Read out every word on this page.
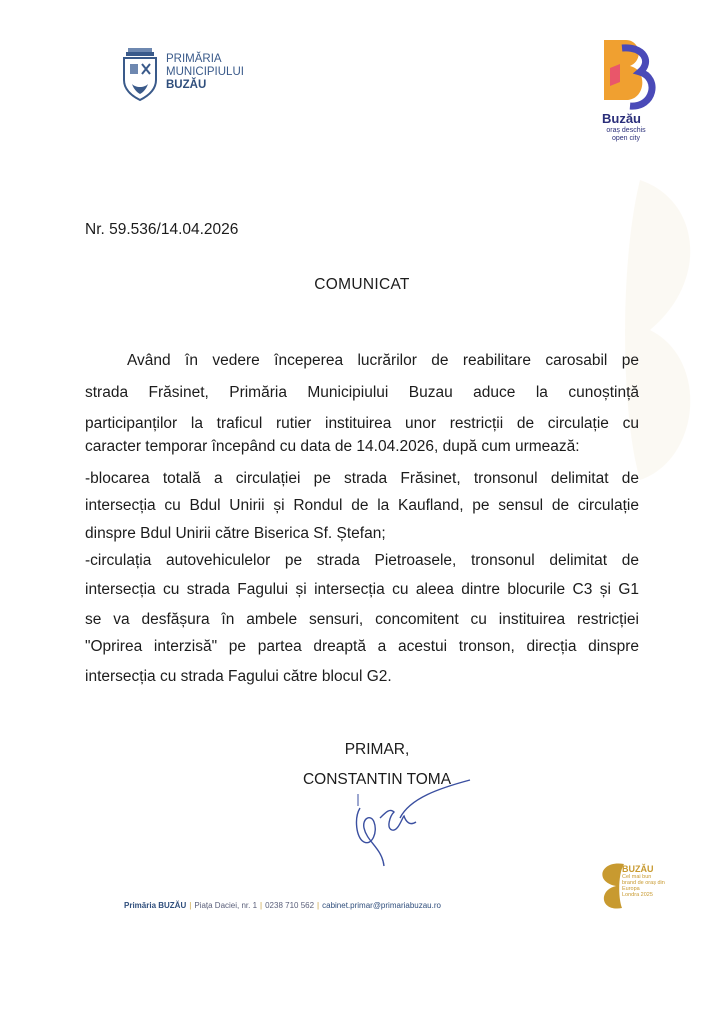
PRIMĂRIA
MUNICIPIULUI
BUZĂU
Buzău
oraș deschis
open city
Nr. 59.536/14.04.2026
COMUNICAT
Având în vedere începerea lucrărilor de reabilitare carosabil pe
strada Frăsinet, Primăria Municipiului Buzau aduce la cunoștință
participanților la traficul rutier instituirea unor restricții de circulație cu
caracter temporar începând cu data de 14.04.2026, după cum urmează:
-blocarea totală a circulației pe strada Frăsinet, tronsonul delimitat de
intersecția cu Bdul Unirii și Rondul de la Kaufland, pe sensul de circulație
dinspre Bdul Unirii către Biserica Sf. Ștefan;
-circulația autovehiculelor pe strada Pietroasele, tronsonul delimitat de
intersecția cu strada Fagului și intersecția cu aleea dintre blocurile C3 și G1
se va desfășura în ambele sensuri, concomitent cu instituirea restricției
"Oprirea interzisă" pe partea dreaptă a acestui tronson, direcția dinspre
intersecția cu strada Fagului către blocul G2.
PRIMAR,
CONSTANTIN TOMA
Primăria BUZĂU | Piața Daciei, nr. 1 | 0238 710 562 | cabinet.primar@primariabuzau.ro
BUZĂU
Cel mai bun brand de oraș din Europa
Londra 2025
